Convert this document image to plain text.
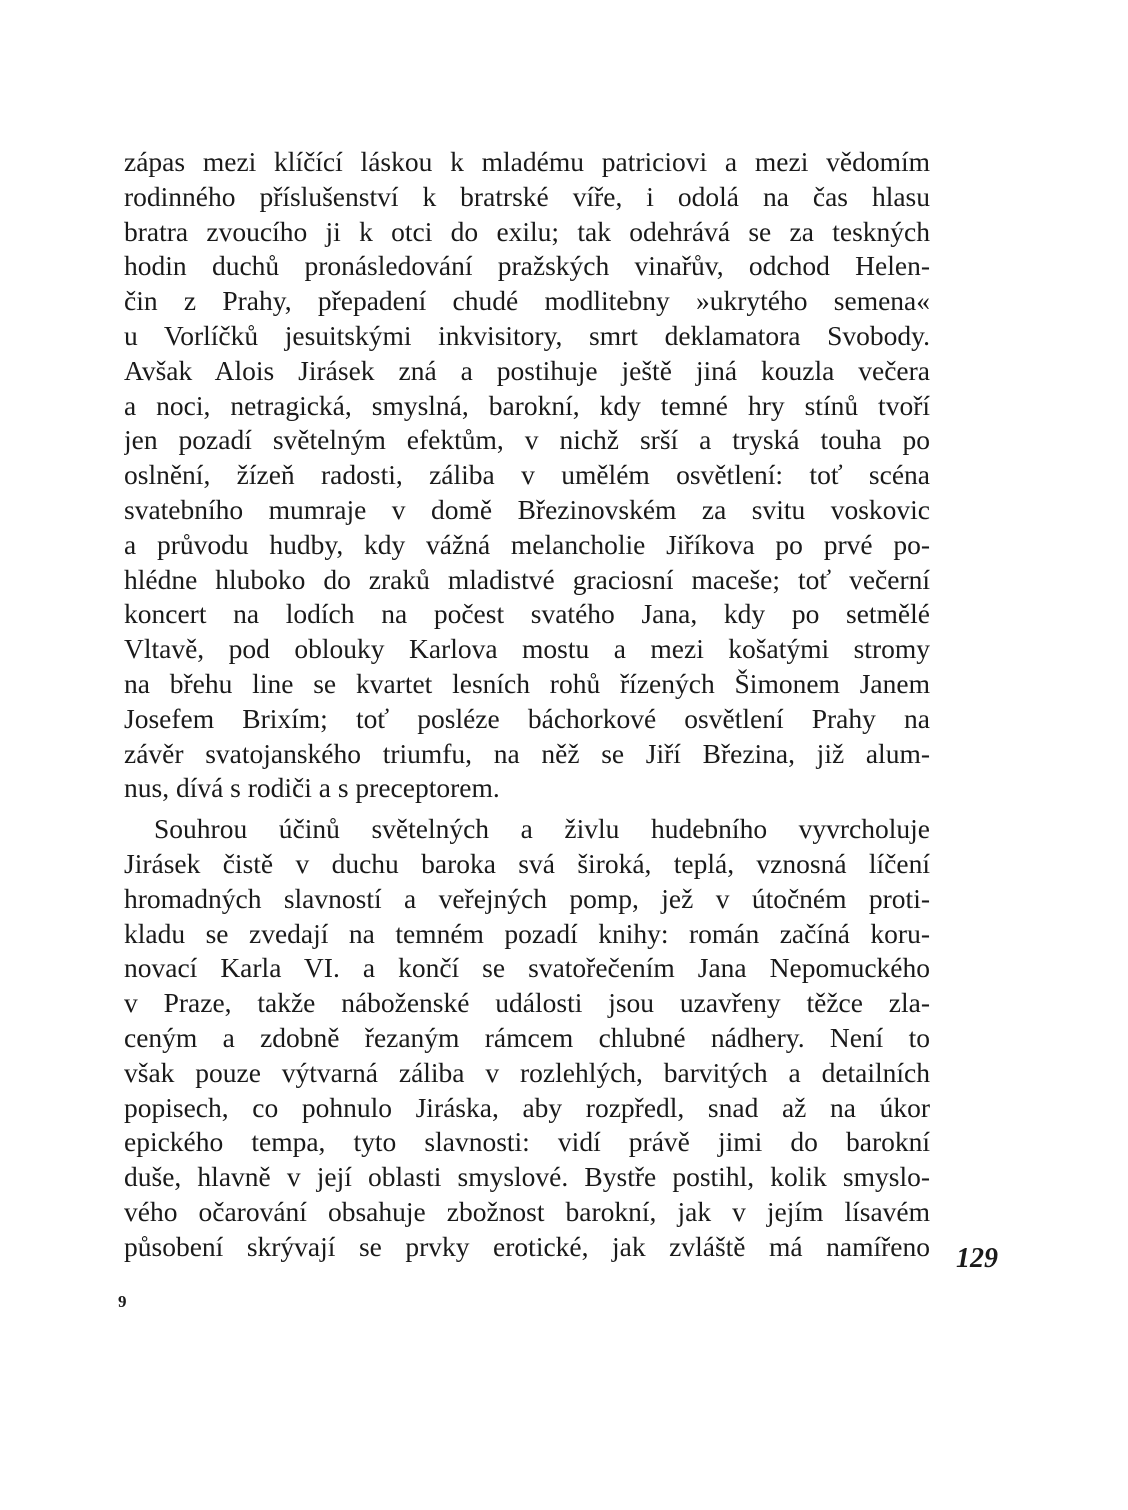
zápas mezi klíčící láskou k mladému patriciovi a mezi vědomím
rodinného příslušenství k bratrské víře, i odolá na čas hlasu
bratra zvoucího ji k otci do exilu; tak odehrává se za teskných
hodin duchů pronásledování pražských vinařův, odchod Helen-
čin z Prahy, přepadení chudé modlitebny »ukrytého semena«
u Vorlíčků jesuitskými inkvisitory, smrt deklamatora Svobody.
Avšak Alois Jirásek zná a postihuje ještě jiná kouzla večera
a noci, netragická, smyslná, barokní, kdy temné hry stínů tvoří
jen pozadí světelným efektům, v nichž srší a tryská touha po
oslnění, žízeň radosti, záliba v umělém osvětlení: toť scéna
svatebního mumraje v domě Březinovském za svitu voskovic
a průvodu hudby, kdy vážná melancholie Jiříkova po prvé po-
hlédne hluboko do zraků mladistvé graciosní maceše; toť večerní
koncert na lodích na počest svatého Jana, kdy po setmělé
Vltavě, pod oblouky Karlova mostu a mezi košatými stromy
na břehu line se kvartet lesních rohů řízených Šimonem Janem
Josefem Brixím; toť posléze báchorkové osvětlení Prahy na
závěr svatojanského triumfu, na něž se Jiří Březina, již alum-
nus, dívá s rodiči a s preceptorem.
Souhrou účinů světelných a živlu hudebního vyvrcholuje
Jirásek čistě v duchu baroka svá široká, teplá, vznosná líčení
hromadných slavností a veřejných pomp, jež v útočném proti-
kladu se zvedají na temném pozadí knihy: román začíná koru-
novací Karla VI. a končí se svatořečením Jana Nepomuckého
v Praze, takže náboženské události jsou uzavřeny těžce zla-
ceným a zdobně řezaným rámcem chlubné nádhery. Není to
však pouze výtvarná záliba v rozlehlých, barvitých a detailních
popisech, co pohnulo Jiráska, aby rozpředl, snad až na úkor
epického tempa, tyto slavnosti: vidí právě jimi do barokní
duše, hlavně v její oblasti smyslové. Bystře postihl, kolik smyslo-
vého očarování obsahuje zbožnost barokní, jak v jejím lísavém
působení skrývají se prvky erotické, jak zvláště má namířeno 129
9
